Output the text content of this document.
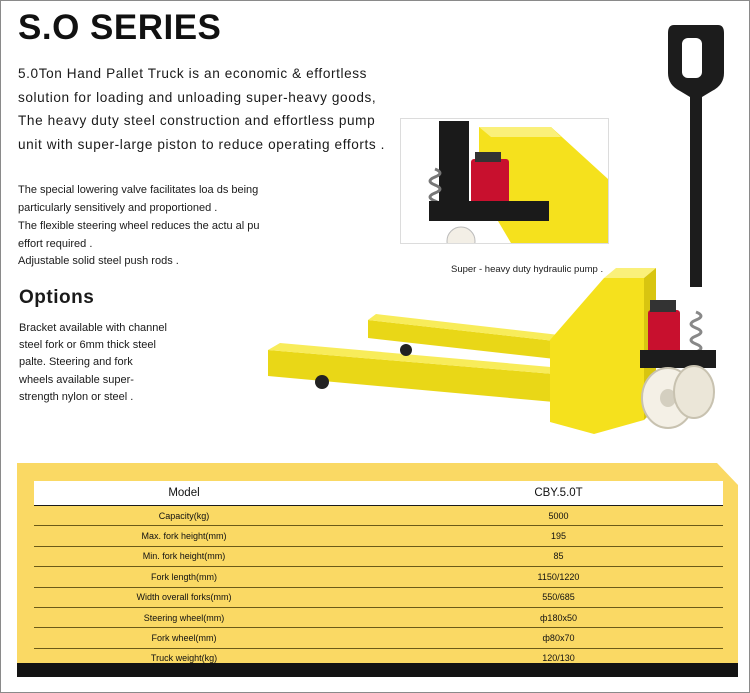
S.O SERIES

5.0Ton Hand Pallet Truck is an economic & effortless

solution for loading and unloading super-heavy goods,

The heavy duty steel construction and effortless pump

unit with super-large piston to reduce operating efforts .

The special lowering valve facilitates loa ds being

particularly sensitively and proportioned .

The flexible steering wheel reduces the actu al pu

effort required .

Adjustable solid steel push rods .

Options

Bracket available with channel

steel fork or 6mm thick steel

palte. Steering and fork

wheels available super-

strength nylon or steel .

Super - heavy duty hydraulic pump .
Model	CBY.5.0T
Capacity(kg)	5000
Max. fork height(mm)	195
Min. fork height(mm)	85
Fork length(mm)	1150/1220
Width overall forks(mm)	550/685
Steering wheel(mm)	ф180x50
Fork wheel(mm)	ф80x70
Truck weight(kg)	120/130
